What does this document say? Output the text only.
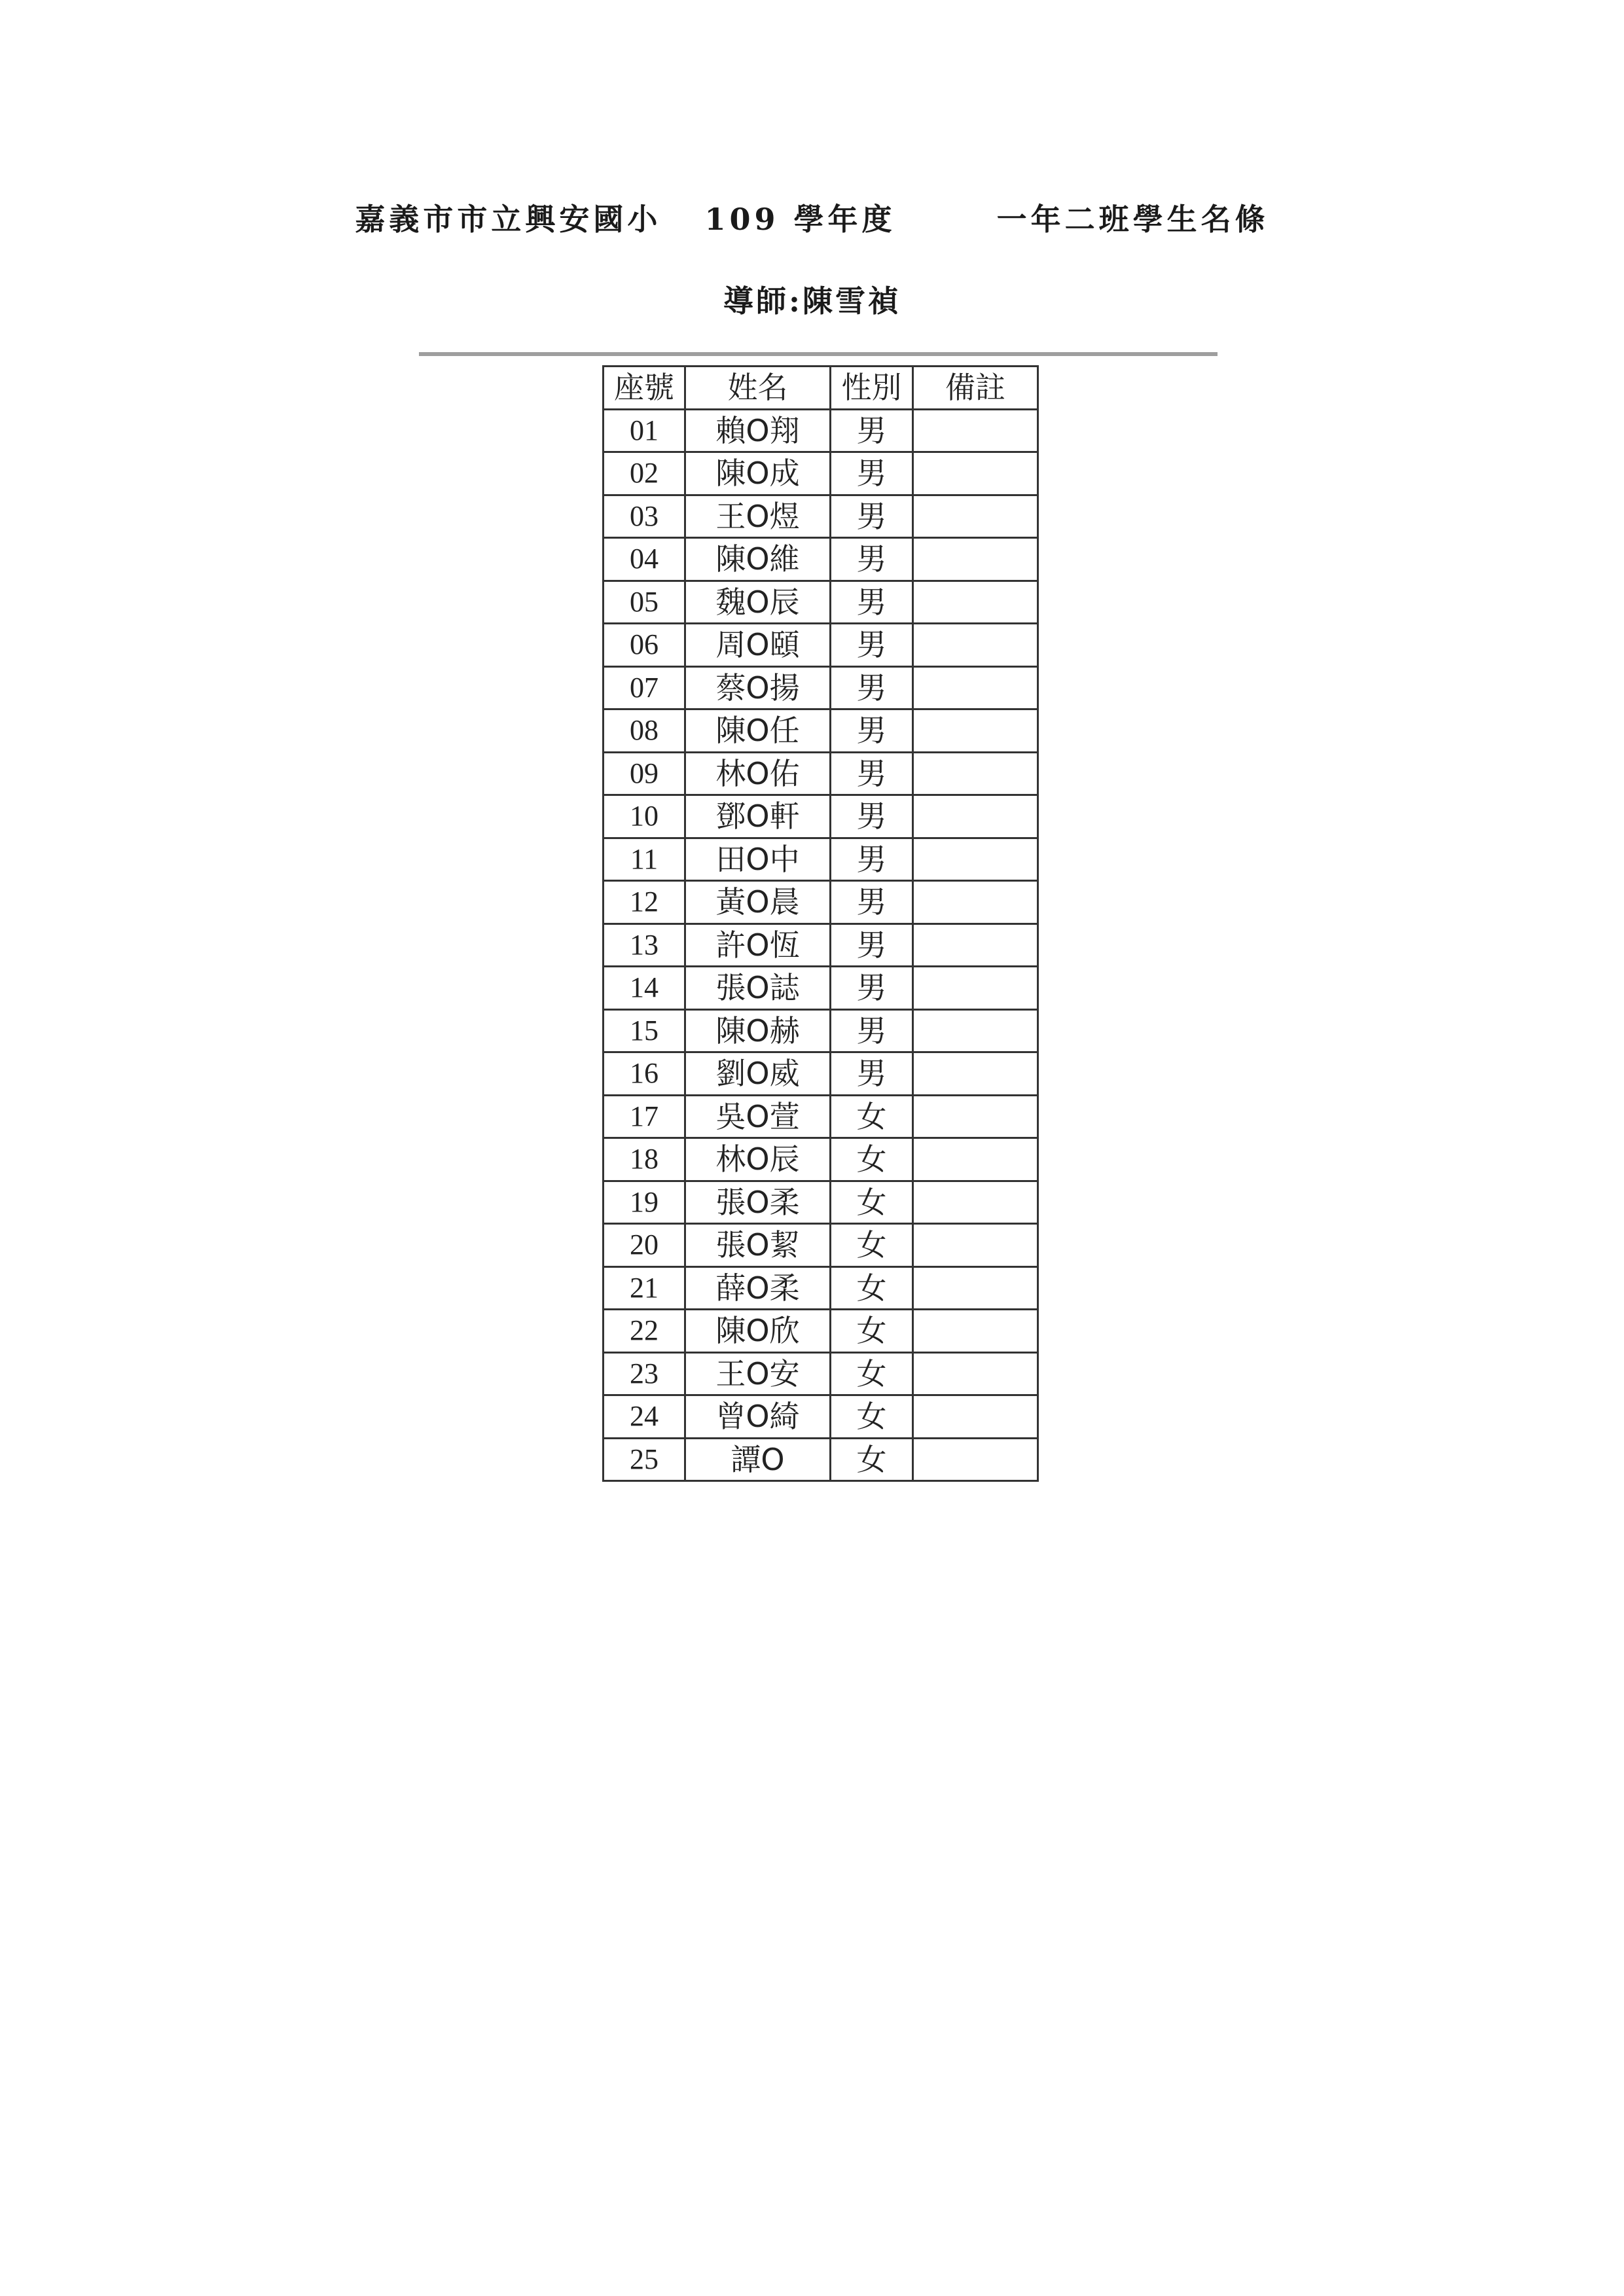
嘉義市市立興安國小   109 學年度       一年二班學生名條
導師:陳雪禎
座號	姓名	性別	備註
01	賴O翔	男	
02	陳O成	男	
03	王O煜	男	
04	陳O維	男	
05	魏O辰	男	
06	周O頤	男	
07	蔡O揚	男	
08	陳O任	男	
09	林O佑	男	
10	鄧O軒	男	
11	田O中	男	
12	黃O晨	男	
13	許O恆	男	
14	張O誌	男	
15	陳O赫	男	
16	劉O威	男	
17	吳O萱	女	
18	林O辰	女	
19	張O柔	女	
20	張O絜	女	
21	薛O柔	女	
22	陳O欣	女	
23	王O安	女	
24	曾O綺	女	
25	譚O	女	
